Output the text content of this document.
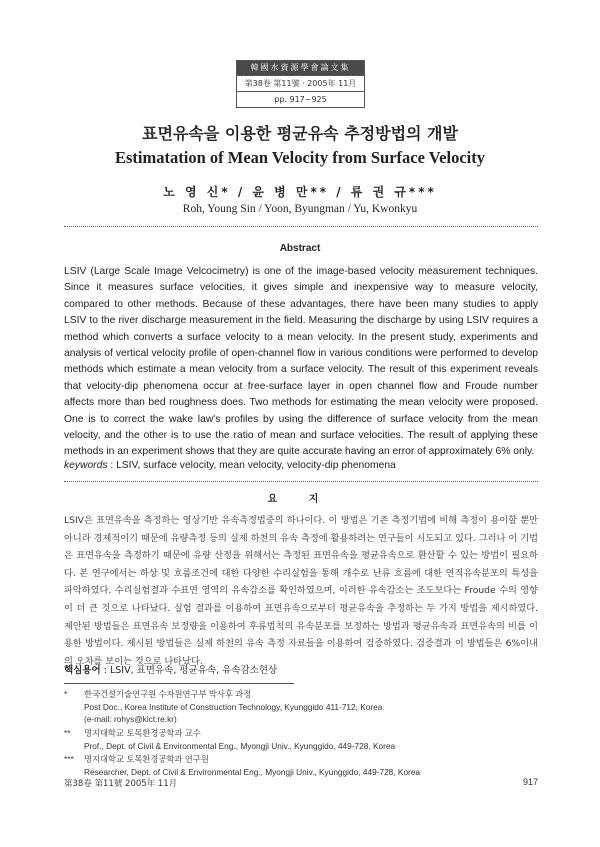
韓國水資源學會論文集
第38卷 第11號 · 2005年 11月
pp. 917~925
표면유속을 이용한 평균유속 추정방법의 개발
Estimatation of Mean Velocity from Surface Velocity
노 영 신* / 윤 병 만** / 류 권 규***
Roh, Young Sin / Yoon, Byungman / Yu, Kwonkyu
Abstract

LSIV (Large Scale Image Velcocimetry) is one of the image-based velocity measurement techniques. Since it measures surface velocities, it gives simple and inexpensive way to measure velocity, compared to other methods. Because of these advantages, there have been many studies to apply LSIV to the river discharge measurement in the field. Measuring the discharge by using LSIV requires a method which converts a surface velocity to a mean velocity. In the present study, experiments and analysis of vertical velocity profile of open-channel flow in various conditions were performed to develop methods which estimate a mean velocity from a surface velocity. The result of this experiment reveals that velocity-dip phenomena occur at free-surface layer in open channel flow and Froude number affects more than bed roughness does. Two methods for estimating the mean velocity were proposed. One is to correct the wake law's profiles by using the difference of surface velocity from the mean velocity, and the other is to use the ratio of mean and surface velocities. The result of applying these methods in an experiment shows that they are quite accurate having an error of approximately 6% only.

keywords : LSIV, surface velocity, mean velocity, velocity-dip phenomena
요 지

LSIV은 표면유속을 측정하는 영상기반 유속측정법중의 하나이다. 이 방법은 기존 측정기법에 비해 측정이 용이할 뿐만 아니라 경제적이기 때문에 유량측정 등의 실제 하천의 유속 측정에 활용하려는 연구들이 시도되고 있다. 그러나 이 기법은 표면유속을 측정하기 때문에 유량 산정을 위해서는 측정된 표면유속을 평균유속으로 환산할 수 있는 방법이 필요하다. 본 연구에서는 하상 및 흐름조건에 대한 다양한 수리실험을 통해 개수로 난류 흐름에 대한 연직유속분포의 특성을 파악하였다. 수리실험결과 수표면 영역의 유속감소를 확인하였으며, 이러한 유속감소는 조도보다는 Froude 수의 영향이 더 큰 것으로 나타났다. 실험 결과를 이용하여 표면유속으로부터 평균유속을 추정하는 두 가지 방법을 제시하였다. 제안된 방법들은 표면유속 보정량을 이용하여 후류법칙의 유속분포를 보정하는 방법과 평균유속과 표면유속의 비를 이용한 방법이다. 제시된 방법들은 실제 하천의 유속 측정 자료들을 이용하여 검증하였다. 검증결과 이 방법들은 6%이내의 오차를 보이는 것으로 나타났다.

핵심용어 : LSIV, 표면유속, 평균유속, 유속감소현상
* 한국건설기술연구원 수자원연구부 박사후 과정
Post Doc., Korea Institute of Construction Technology, Kyunggido 411-712, Korea
(e-mail: rohys@kict.re.kr)
** 명지대학교 토목환경공학과 교수
Prof., Dept. of Civil & Environmental Eng., Myongji Univ., Kyunggido, 449-728, Korea
*** 명지대학교 토목환경공학과 연구원
Researcher, Dept. of Civil & Environmental Eng., Myongji Univ., Kyunggido, 449-728, Korea
第38卷 第11號 2005年 11月	917
